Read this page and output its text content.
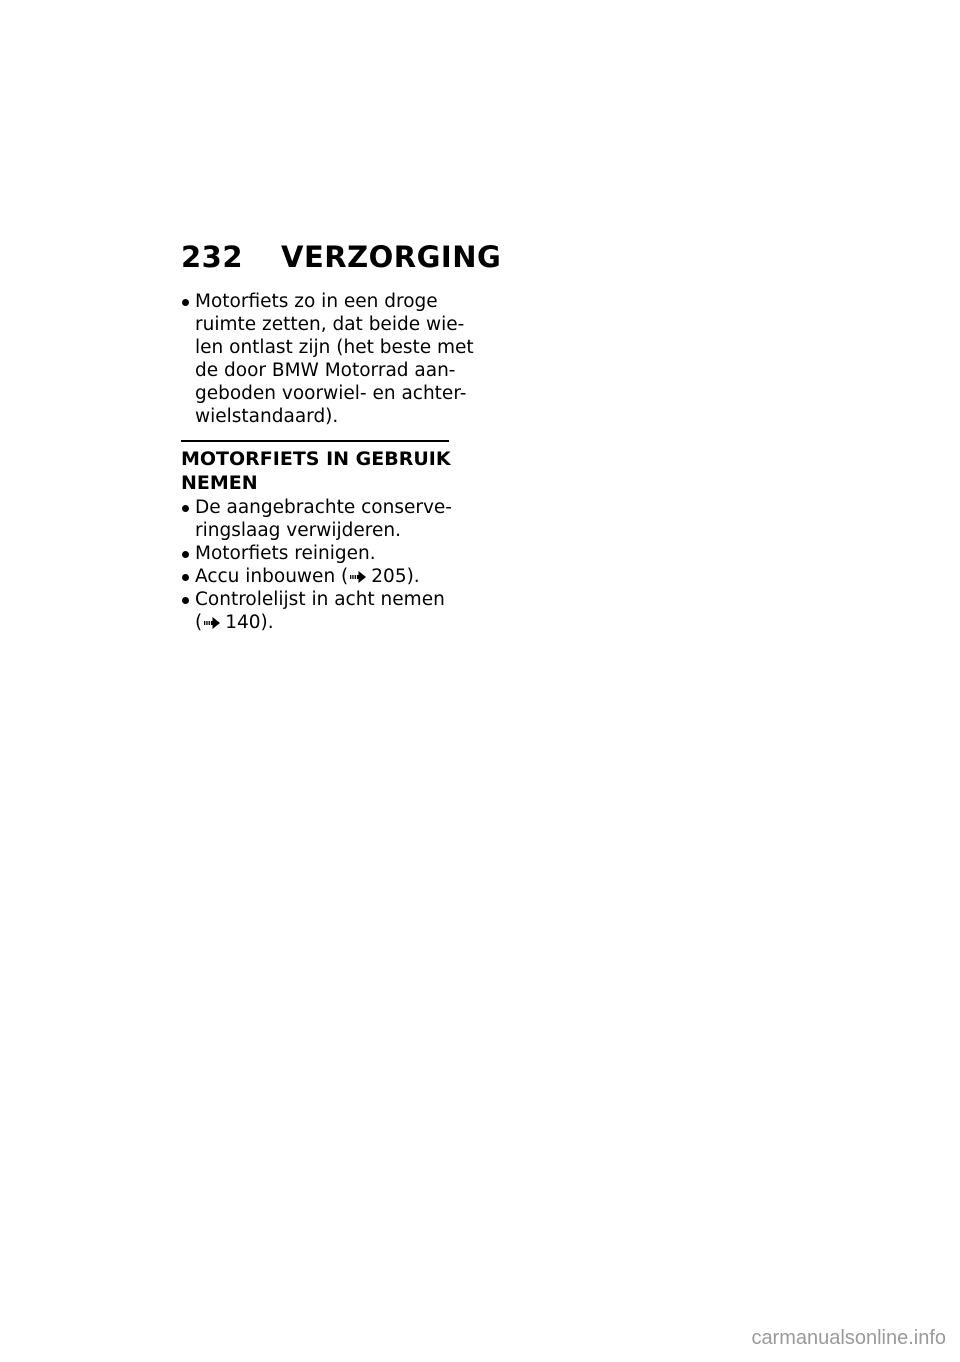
232 VERZORGING
Motorfiets zo in een droge
ruimte zetten, dat beide wie-
len ontlast zijn (het beste met
de door BMW Motorrad aan-
geboden voorwiel- en achter-
wielstandaard).
MOTORFIETS IN GEBRUIK
NEMEN
De aangebrachte conserve-
ringslaag verwijderen.
Motorfiets reinigen.
Accu inbouwen ( 205).
Controlelijst in acht nemen
( 140).
carmanualsonline.info
